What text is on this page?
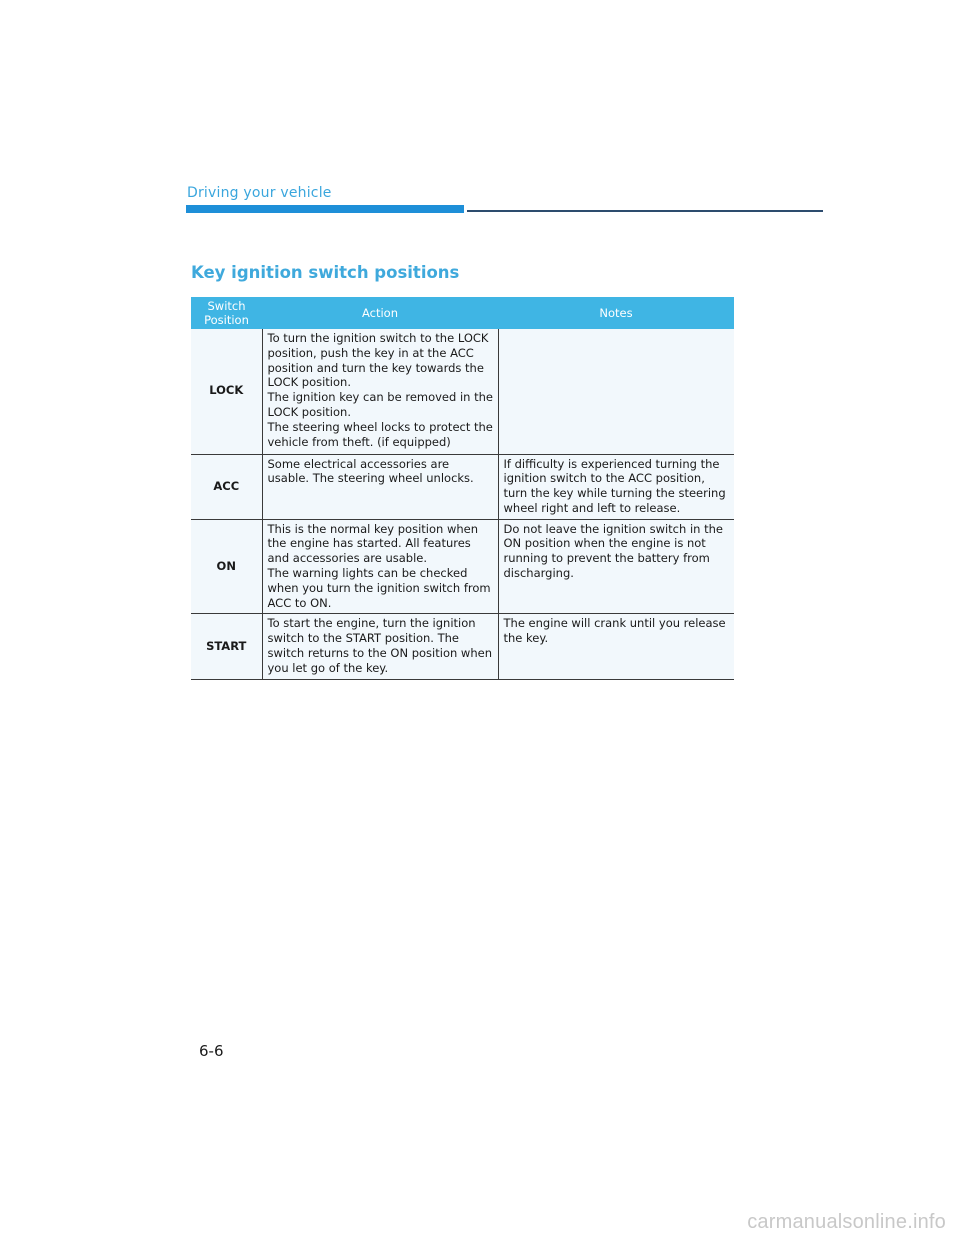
Driving your vehicle
Key ignition switch positions
Switch
Position	Action	Notes
LOCK	To turn the ignition switch to the LOCK position, push the key in at the ACC position and turn the key towards the LOCK position.
The ignition key can be removed in the LOCK position.
The steering wheel locks to protect the vehicle from theft. (if equipped)	
ACC	Some electrical accessories are usable. The steering wheel unlocks.	If difficulty is experienced turning the ignition switch to the ACC position, turn the key while turning the steering wheel right and left to release.
ON	This is the normal key position when the engine has started. All features and accessories are usable.
The warning lights can be checked when you turn the ignition switch from ACC to ON.	Do not leave the ignition switch in the ON position when the engine is not running to prevent the battery from discharging.
START	To start the engine, turn the ignition switch to the START position. The switch returns to the ON position when you let go of the key.	The engine will crank until you release the key.
6-6
carmanualsonline.info
